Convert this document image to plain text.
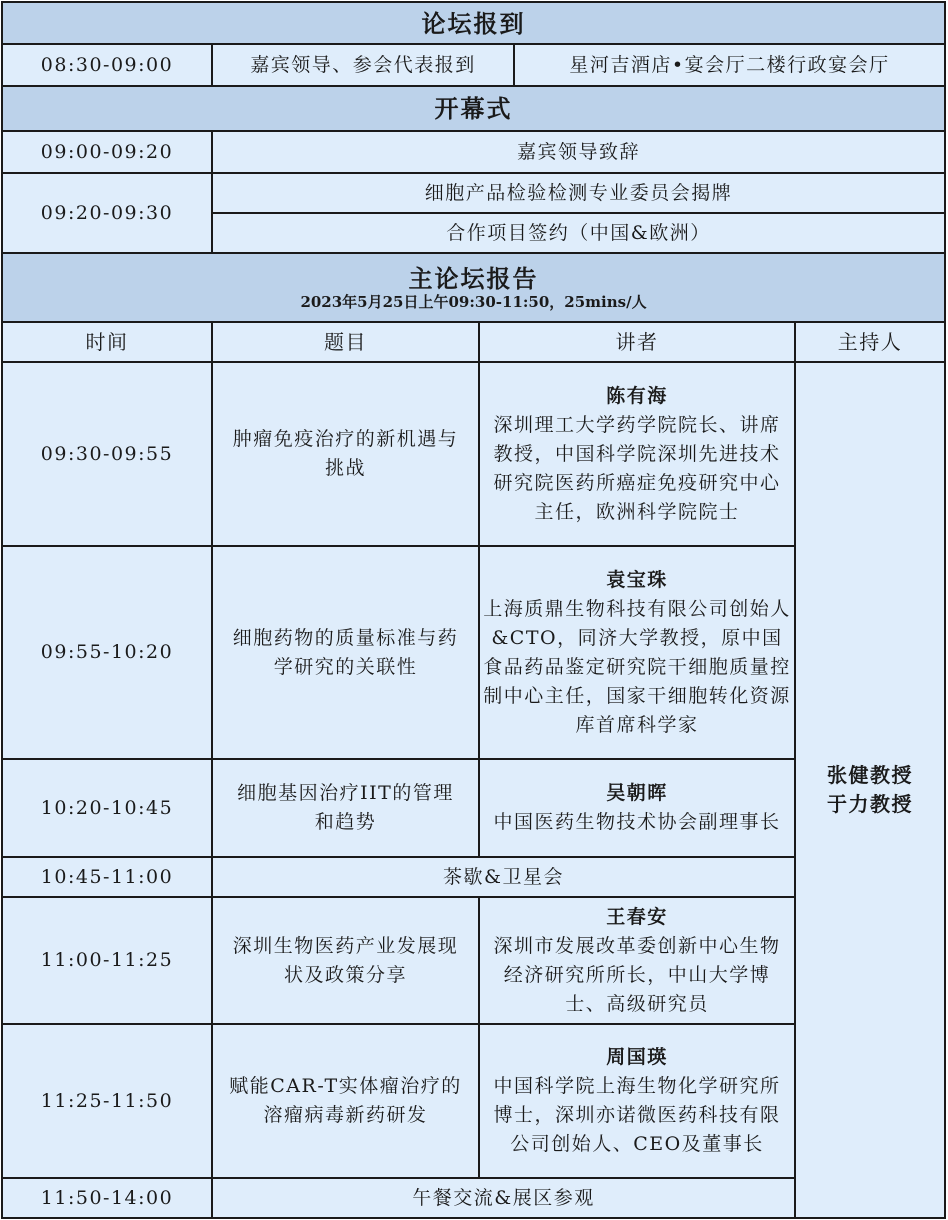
论坛报到				
08:30-09:00	嘉宾领导、参会代表报到		星河吉酒店•宴会厅二楼行政宴会厅	
开幕式				
09:00-09:20	嘉宾领导致辞			
09:20-09:30	细胞产品检验检测专业委员会揭牌			
	合作项目签约（中国&欧洲）			
主论坛报告
2023年5月25日上午09:30-11:50，25mins/人				

时间	题目	讲者		主持人
09:30-09:55	肿瘤免疫治疗的新机遇与挑战	陈有海
深圳理工大学药学院院长、讲席教授，中国科学院深圳先进技术研究院医药所癌症免疫研究中心主任，欧洲科学院院士		张健教授
于力教授

09:55-10:20	细胞药物的质量标准与药学研究的关联性	袁宝珠
上海质鼎生物科技有限公司创始人&CTO，同济大学教授，原中国食品药品鉴定研究院干细胞质量控制中心主任，国家干细胞转化资源库首席科学家		

10:20-10:45	细胞基因治疗IIT的管理和趋势	吴朝晖
中国医药生物技术协会副理事长		

10:45-11:00	茶歇&卫星会			
11:00-11:25	深圳生物医药产业发展现状及政策分享	王春安
深圳市发展改革委创新中心生物经济研究所所长，中山大学博士、高级研究员		

11:25-11:50	赋能CAR-T实体瘤治疗的溶瘤病毒新药研发	周国瑛
中国科学院上海生物化学研究所博士，深圳亦诺微医药科技有限公司创始人、CEO及董事长		

11:50-14:00	午餐交流&展区参观			
